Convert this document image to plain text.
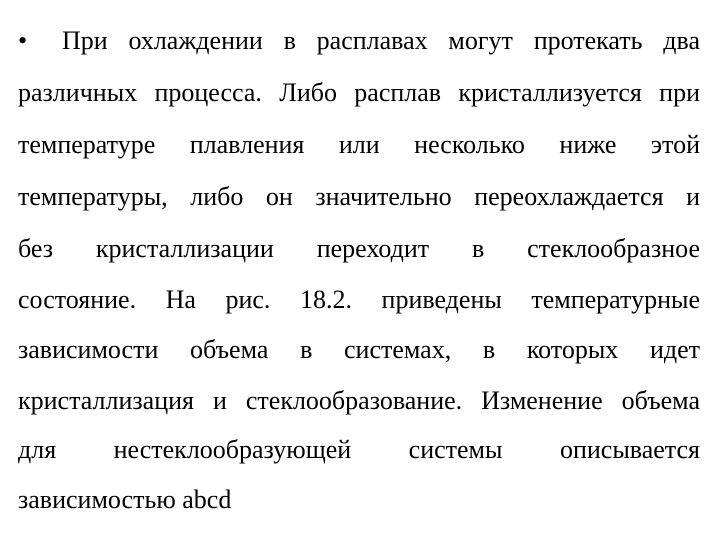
• При охлаждении в расплавах могут протекать два
различных процесса. Либо расплав кристаллизуется при
температуре плавления или несколько ниже этой
температуры, либо он значительно переохлаждается и
без кристаллизации переходит в стеклообразное
состояние. На рис. 18.2. приведены температурные
зависимости объема в системах, в которых идет
кристаллизация и стеклообразование. Изменение объема
для нестеклообразующей системы описывается
зависимостью abcd
